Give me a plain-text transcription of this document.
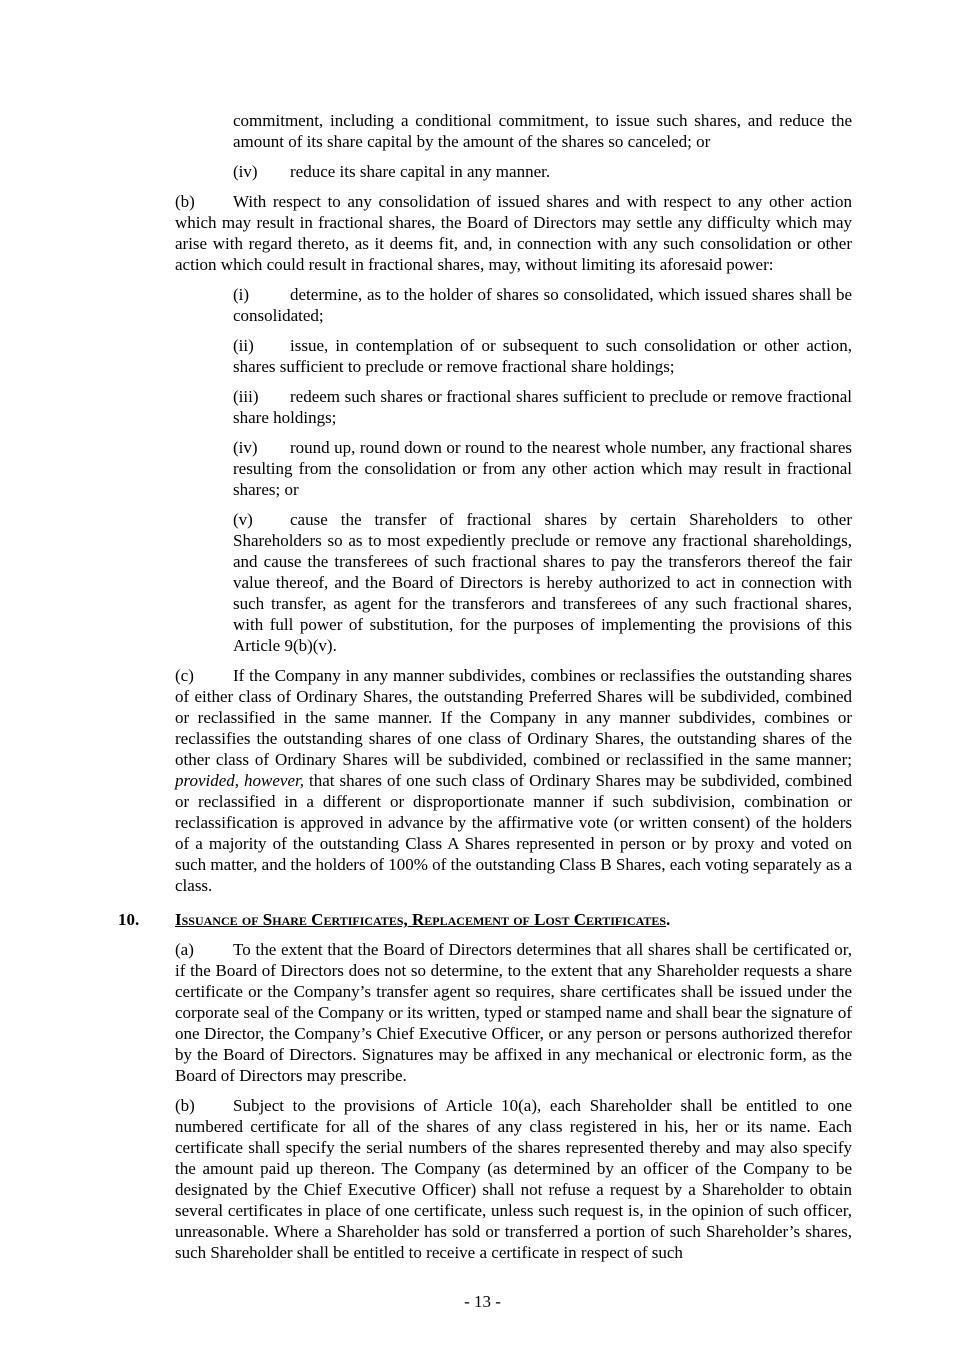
commitment, including a conditional commitment, to issue such shares, and reduce the amount of its share capital by the amount of the shares so canceled; or
(iv) reduce its share capital in any manner.
(b) With respect to any consolidation of issued shares and with respect to any other action which may result in fractional shares, the Board of Directors may settle any difficulty which may arise with regard thereto, as it deems fit, and, in connection with any such consolidation or other action which could result in fractional shares, may, without limiting its aforesaid power:
(i) determine, as to the holder of shares so consolidated, which issued shares shall be consolidated;
(ii) issue, in contemplation of or subsequent to such consolidation or other action, shares sufficient to preclude or remove fractional share holdings;
(iii) redeem such shares or fractional shares sufficient to preclude or remove fractional share holdings;
(iv) round up, round down or round to the nearest whole number, any fractional shares resulting from the consolidation or from any other action which may result in fractional shares; or
(v) cause the transfer of fractional shares by certain Shareholders to other Shareholders so as to most expediently preclude or remove any fractional shareholdings, and cause the transferees of such fractional shares to pay the transferors thereof the fair value thereof, and the Board of Directors is hereby authorized to act in connection with such transfer, as agent for the transferors and transferees of any such fractional shares, with full power of substitution, for the purposes of implementing the provisions of this Article 9(b)(v).
(c) If the Company in any manner subdivides, combines or reclassifies the outstanding shares of either class of Ordinary Shares, the outstanding Preferred Shares will be subdivided, combined or reclassified in the same manner. If the Company in any manner subdivides, combines or reclassifies the outstanding shares of one class of Ordinary Shares, the outstanding shares of the other class of Ordinary Shares will be subdivided, combined or reclassified in the same manner; provided, however, that shares of one such class of Ordinary Shares may be subdivided, combined or reclassified in a different or disproportionate manner if such subdivision, combination or reclassification is approved in advance by the affirmative vote (or written consent) of the holders of a majority of the outstanding Class A Shares represented in person or by proxy and voted on such matter, and the holders of 100% of the outstanding Class B Shares, each voting separately as a class.
10. Issuance of Share Certificates, Replacement of Lost Certificates.
(a) To the extent that the Board of Directors determines that all shares shall be certificated or, if the Board of Directors does not so determine, to the extent that any Shareholder requests a share certificate or the Company’s transfer agent so requires, share certificates shall be issued under the corporate seal of the Company or its written, typed or stamped name and shall bear the signature of one Director, the Company’s Chief Executive Officer, or any person or persons authorized therefor by the Board of Directors. Signatures may be affixed in any mechanical or electronic form, as the Board of Directors may prescribe.
(b) Subject to the provisions of Article 10(a), each Shareholder shall be entitled to one numbered certificate for all of the shares of any class registered in his, her or its name. Each certificate shall specify the serial numbers of the shares represented thereby and may also specify the amount paid up thereon. The Company (as determined by an officer of the Company to be designated by the Chief Executive Officer) shall not refuse a request by a Shareholder to obtain several certificates in place of one certificate, unless such request is, in the opinion of such officer, unreasonable. Where a Shareholder has sold or transferred a portion of such Shareholder’s shares, such Shareholder shall be entitled to receive a certificate in respect of such
- 13 -
